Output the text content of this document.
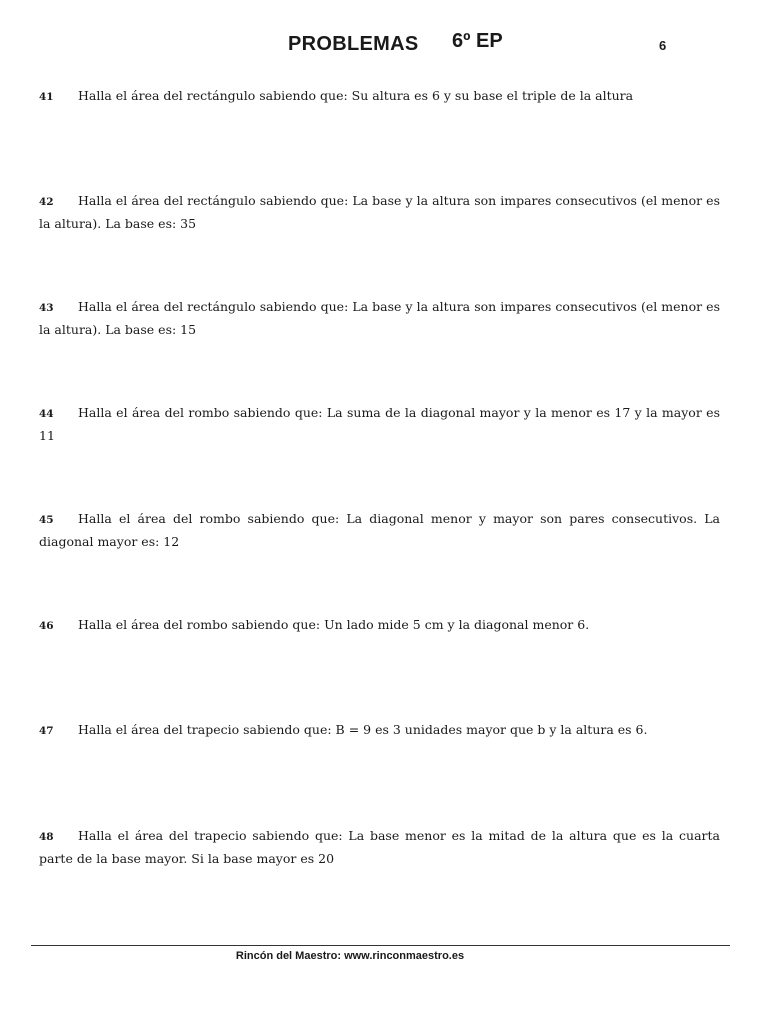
PROBLEMAS 6º EP	6
41 Halla el área del rectángulo sabiendo que: Su altura es 6 y su base el triple de la altura
42 Halla el área del rectángulo sabiendo que: La base y la altura son impares consecutivos (el menor es la altura). La base es: 35
43 Halla el área del rectángulo sabiendo que: La base y la altura son impares consecutivos (el menor es la altura). La base es: 15
44 Halla el área del rombo sabiendo que: La suma de la diagonal mayor y la menor es 17 y la mayor es 11
45 Halla el área del rombo sabiendo que: La diagonal menor y mayor son pares consecutivos. La diagonal mayor es: 12
46 Halla el área del rombo sabiendo que: Un lado mide 5 cm y la diagonal menor 6.
47 Halla el área del trapecio sabiendo que: B = 9 es 3 unidades mayor que b y la altura es 6.
48 Halla el área del trapecio sabiendo que: La base menor es la mitad de la altura que es la cuarta parte de la base mayor. Si la base mayor es 20
Rincón del Maestro: www.rinconmaestro.es
